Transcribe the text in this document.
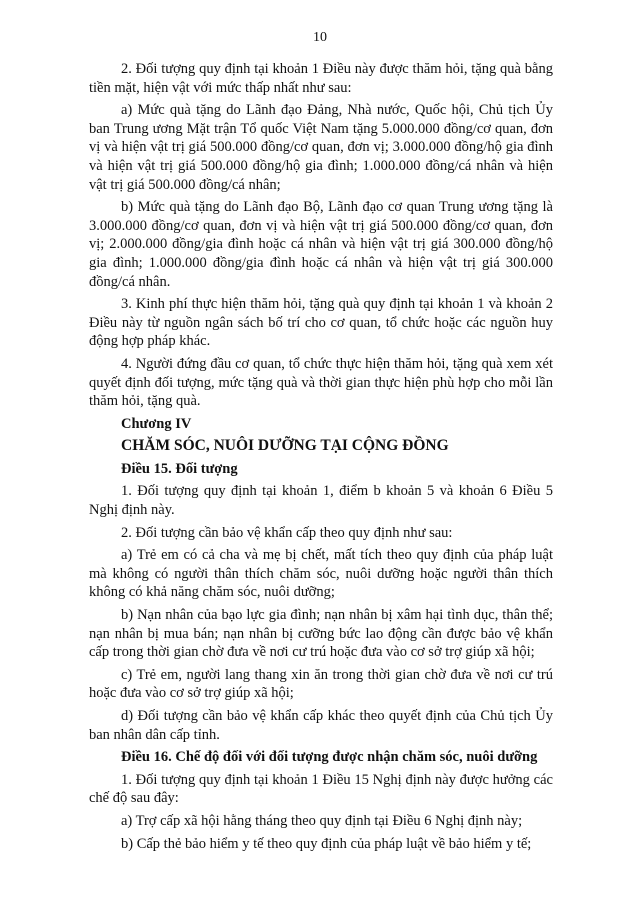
10

2. Đối tượng quy định tại khoản 1 Điều này được thăm hỏi, tặng quà bằng tiền mặt, hiện vật với mức thấp nhất như sau:

a) Mức quà tặng do Lãnh đạo Đảng, Nhà nước, Quốc hội, Chủ tịch Ủy ban Trung ương Mặt trận Tổ quốc Việt Nam tặng 5.000.000 đồng/cơ quan, đơn vị và hiện vật trị giá 500.000 đồng/cơ quan, đơn vị; 3.000.000 đồng/hộ gia đình và hiện vật trị giá 500.000 đồng/hộ gia đình; 1.000.000 đồng/cá nhân và hiện vật trị giá 500.000 đồng/cá nhân;

b) Mức quà tặng do Lãnh đạo Bộ, Lãnh đạo cơ quan Trung ương tặng là 3.000.000 đồng/cơ quan, đơn vị và hiện vật trị giá 500.000 đồng/cơ quan, đơn vị; 2.000.000 đồng/gia đình hoặc cá nhân và hiện vật trị giá 300.000 đồng/hộ gia đình; 1.000.000 đồng/gia đình hoặc cá nhân và hiện vật trị giá 300.000 đồng/cá nhân.

3. Kinh phí thực hiện thăm hỏi, tặng quà quy định tại khoản 1 và khoản 2 Điều này từ nguồn ngân sách bố trí cho cơ quan, tổ chức hoặc các nguồn huy động hợp pháp khác.

4. Người đứng đầu cơ quan, tổ chức thực hiện thăm hỏi, tặng quà xem xét quyết định đối tượng, mức tặng quà và thời gian thực hiện phù hợp cho mỗi lần thăm hỏi, tặng quà.

Chương IV

CHĂM SÓC, NUÔI DƯỠNG TẠI CỘNG ĐỒNG

Điều 15. Đối tượng

1. Đối tượng quy định tại khoản 1, điểm b khoản 5 và khoản 6 Điều 5 Nghị định này.

2. Đối tượng cần bảo vệ khẩn cấp theo quy định như sau:

a) Trẻ em có cả cha và mẹ bị chết, mất tích theo quy định của pháp luật mà không có người thân thích chăm sóc, nuôi dưỡng hoặc người thân thích không có khả năng chăm sóc, nuôi dưỡng;

b) Nạn nhân của bạo lực gia đình; nạn nhân bị xâm hại tình dục, thân thể; nạn nhân bị mua bán; nạn nhân bị cưỡng bức lao động cần được bảo vệ khẩn cấp trong thời gian chờ đưa về nơi cư trú hoặc đưa vào cơ sở trợ giúp xã hội;

c) Trẻ em, người lang thang xin ăn trong thời gian chờ đưa về nơi cư trú hoặc đưa vào cơ sở trợ giúp xã hội;

d) Đối tượng cần bảo vệ khẩn cấp khác theo quyết định của Chủ tịch Ủy ban nhân dân cấp tỉnh.

Điều 16. Chế độ đối với đối tượng được nhận chăm sóc, nuôi dưỡng

1. Đối tượng quy định tại khoản 1 Điều 15 Nghị định này được hưởng các chế độ sau đây:

a) Trợ cấp xã hội hằng tháng theo quy định tại Điều 6 Nghị định này;

b) Cấp thẻ bảo hiểm y tế theo quy định của pháp luật về bảo hiểm y tế;
